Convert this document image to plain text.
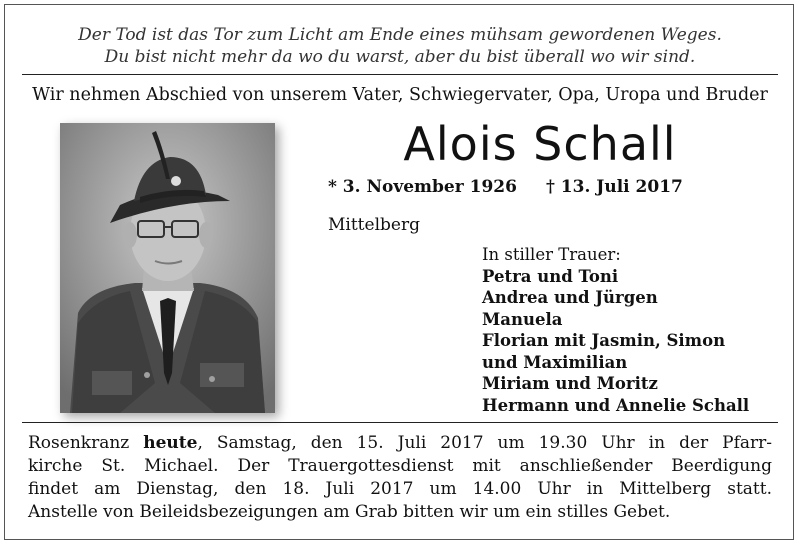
Der Tod ist das Tor zum Licht am Ende eines mühsam gewordenen Weges.
Du bist nicht mehr da wo du warst, aber du bist überall wo wir sind.
Wir nehmen Abschied von unserem Vater, Schwiegervater, Opa, Uropa und Bruder
Alois Schall
* 3. November 1926 † 13. Juli 2017
Mittelberg
In stiller Trauer:
Petra und Toni
Andrea und Jürgen
Manuela
Florian mit Jasmin, Simon
und Maximilian
Miriam und Moritz
Hermann und Annelie Schall
Rosenkranz heute, Samstag, den 15. Juli 2017 um 19.30 Uhr in der Pfarr-
kirche St. Michael. Der Trauergottesdienst mit anschließender Beerdigung
findet am Dienstag, den 18. Juli 2017 um 14.00 Uhr in Mittelberg statt.
Anstelle von Beileidsbezeigungen am Grab bitten wir um ein stilles Gebet.
